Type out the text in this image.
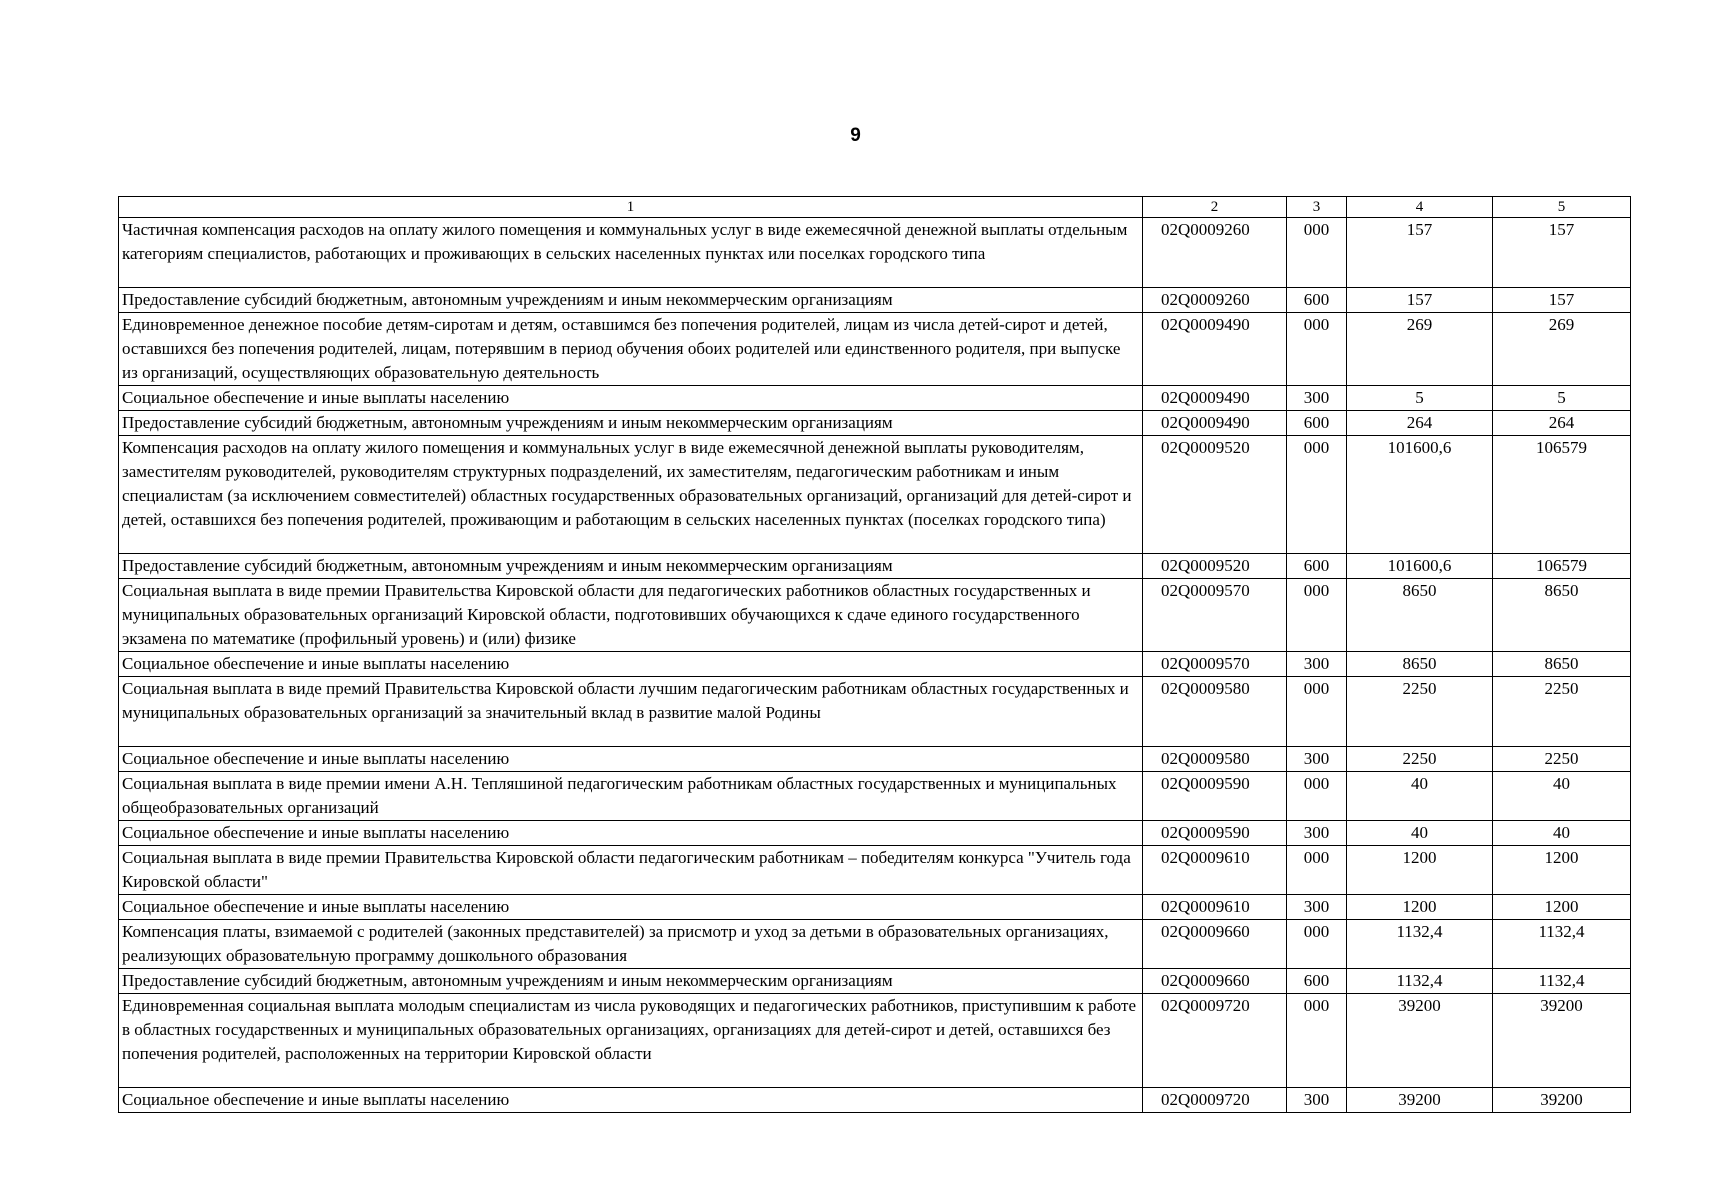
9
1	2	3	4	5
Частичная компенсация расходов на оплату жилого помещения и коммунальных услуг в виде ежемесячной денежной выплаты отдельным категориям специалистов, работающих и проживающих в сельских населенных пунктах или поселках городского типа	02Q0009260	000	157	157
Предоставление субсидий бюджетным, автономным учреждениям и иным некоммерческим организациям	02Q0009260	600	157	157
Единовременное денежное пособие детям-сиротам и детям, оставшимся без попечения родителей, лицам из числа детей-сирот и детей, оставшихся без попечения родителей, лицам, потерявшим в период обучения обоих родителей или единственного родителя, при выпуске из организаций, осуществляющих образовательную деятельность	02Q0009490	000	269	269
Социальное обеспечение и иные выплаты населению	02Q0009490	300	5	5
Предоставление субсидий бюджетным, автономным учреждениям и иным некоммерческим организациям	02Q0009490	600	264	264
Компенсация расходов на оплату жилого помещения и коммунальных услуг в виде ежемесячной денежной выплаты руководителям, заместителям руководителей, руководителям структурных подразделений, их заместителям, педагогическим работникам и иным специалистам (за исключением совместителей) областных государственных образовательных организаций, организаций для детей-сирот и детей, оставшихся без попечения родителей, проживающим и работающим в сельских населенных пунктах (поселках городского типа)	02Q0009520	000	101600,6	106579
Предоставление субсидий бюджетным, автономным учреждениям и иным некоммерческим организациям	02Q0009520	600	101600,6	106579
Социальная выплата в виде премии Правительства Кировской области для педагогических работников областных государственных и муниципальных образовательных организаций Кировской области, подготовивших обучающихся к сдаче единого государственного экзамена по математике (профильный уровень) и (или) физике	02Q0009570	000	8650	8650
Социальное обеспечение и иные выплаты населению	02Q0009570	300	8650	8650
Социальная выплата в виде премий Правительства Кировской области лучшим педагогическим работникам областных государственных и муниципальных образовательных организаций за значительный вклад в развитие малой Родины	02Q0009580	000	2250	2250
Социальное обеспечение и иные выплаты населению	02Q0009580	300	2250	2250
Социальная выплата в виде премии имени А.Н. Тепляшиной педагогическим работникам областных государственных и муниципальных общеобразовательных организаций	02Q0009590	000	40	40
Социальное обеспечение и иные выплаты населению	02Q0009590	300	40	40
Социальная выплата в виде премии Правительства Кировской области педагогическим работникам – победителям конкурса "Учитель года Кировской области"	02Q0009610	000	1200	1200
Социальное обеспечение и иные выплаты населению	02Q0009610	300	1200	1200
Компенсация платы, взимаемой с родителей (законных представителей) за присмотр и уход за детьми в образовательных организациях, реализующих образовательную программу дошкольного образования	02Q0009660	000	1132,4	1132,4
Предоставление субсидий бюджетным, автономным учреждениям и иным некоммерческим организациям	02Q0009660	600	1132,4	1132,4
Единовременная социальная выплата молодым специалистам из числа руководящих и педагогических работников, приступившим к работе в областных государственных и муниципальных образовательных организациях, организациях для детей-сирот и детей, оставшихся без попечения родителей, расположенных на территории Кировской области	02Q0009720	000	39200	39200
Социальное обеспечение и иные выплаты населению	02Q0009720	300	39200	39200
